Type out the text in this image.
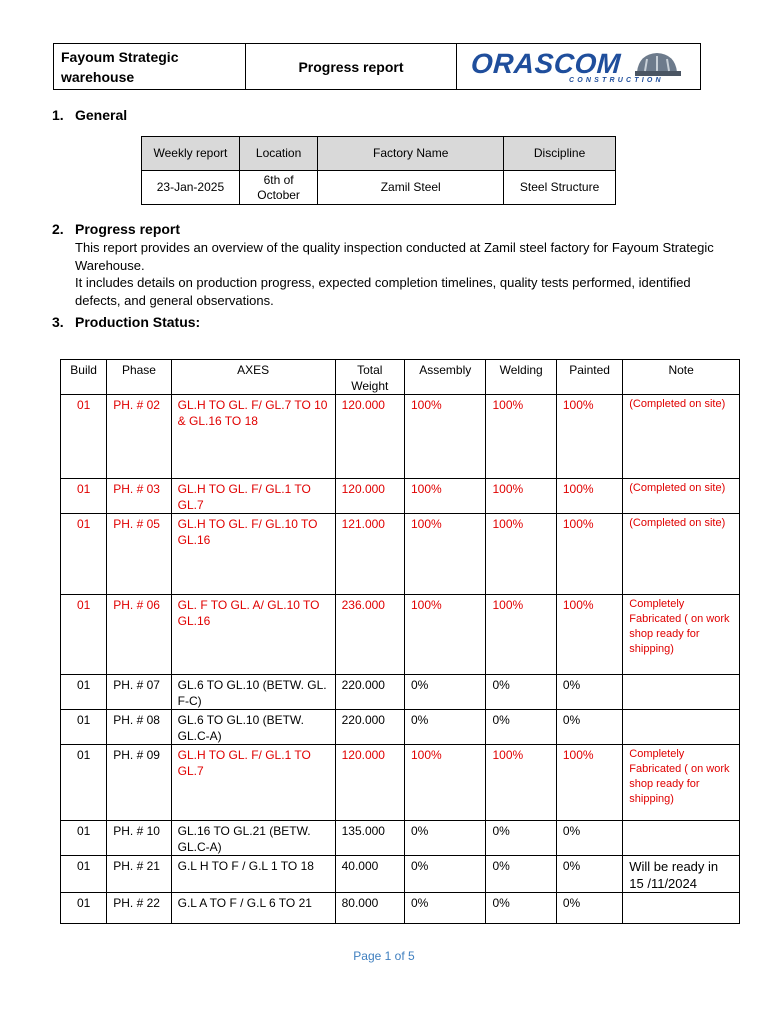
Fayoum Strategic warehouse
Progress report	ORASCOM
CONSTRUCTION
1. General
Weekly report	Location	Factory Name	Discipline
23-Jan-2025	6th of October	Zamil Steel	Steel Structure
2. Progress report
This report provides an overview of the quality inspection conducted at Zamil steel factory for Fayoum Strategic Warehouse.
It includes details on production progress, expected completion timelines, quality tests performed, identified defects, and general observations.
3. Production Status:
Build	Phase	AXES	Total Weight	Assembly	Welding	Painted	Note
01	PH. # 02	GL.H TO GL. F/ GL.7 TO 10 & GL.16 TO 18	120.000	100%	100%	100%	(Completed on site)
01	PH. # 03	GL.H TO GL. F/ GL.1 TO GL.7	120.000	100%	100%	100%	(Completed on site)
01	PH. # 05	GL.H TO GL. F/ GL.10 TO GL.16	121.000	100%	100%	100%	(Completed on site)
01	PH. # 06	GL. F TO GL. A/ GL.10 TO GL.16	236.000	100%	100%	100%	Completely Fabricated ( on work shop ready for shipping)
01	PH. # 07	GL.6 TO GL.10 (BETW. GL. F-C)	220.000	0%	0%	0%	
01	PH. # 08	GL.6 TO GL.10 (BETW. GL.C-A)	220.000	0%	0%	0%	
01	PH. # 09	GL.H TO GL. F/ GL.1 TO GL.7	120.000	100%	100%	100%	Completely Fabricated ( on work shop ready for shipping)
01	PH. # 10	GL.16 TO GL.21 (BETW. GL.C-A)	135.000	0%	0%	0%	
01	PH. # 21	G.L H TO F / G.L 1 TO 18	40.000	0%	0%	0%	Will be ready in 15 /11/2024
01	PH. # 22	G.L A TO F / G.L 6 TO 21	80.000	0%	0%	0%	
Page 1 of 5
